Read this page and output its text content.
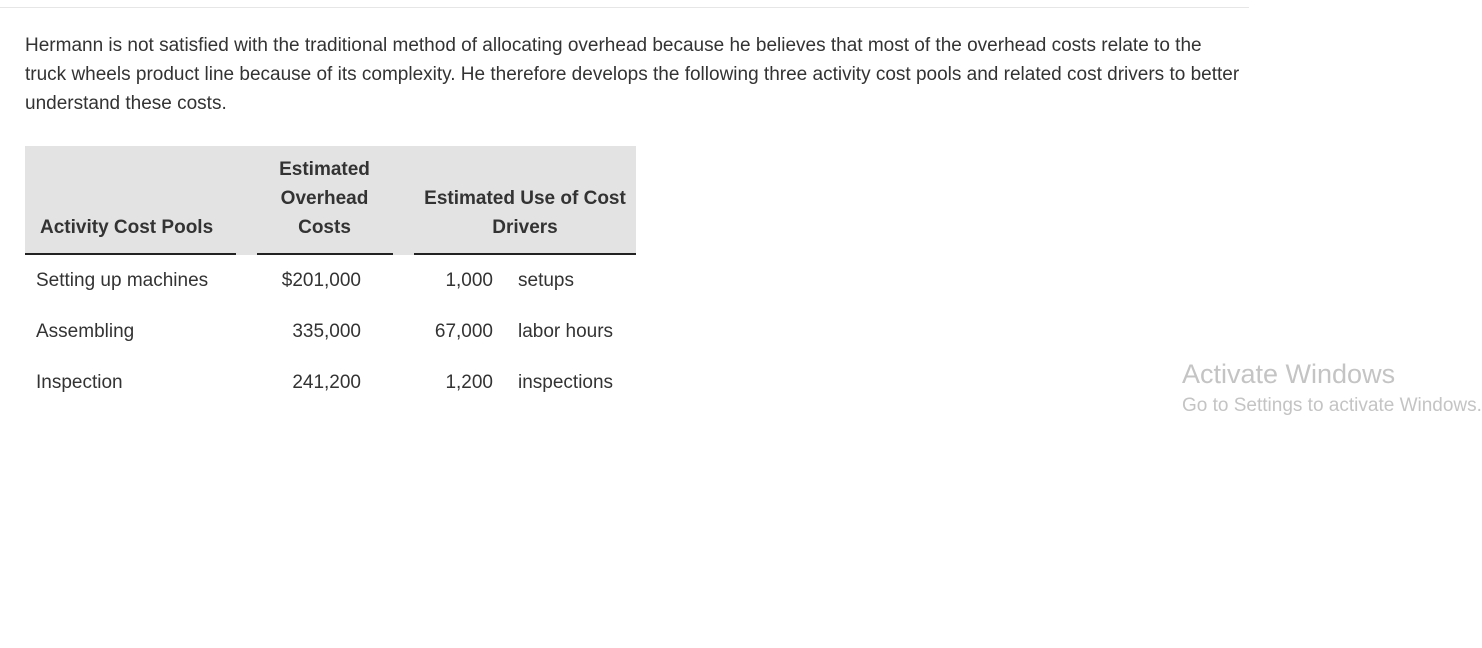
Hermann is not satisfied with the traditional method of allocating overhead because he believes that most of the overhead costs relate to the truck wheels product line because of its complexity. He therefore develops the following three activity cost pools and related cost drivers to better understand these costs.

Activity Cost Pools
Estimated Overhead Costs
Estimated Use of Cost Drivers
Setting up machines	$201,000	1,000 setups
Assembling	335,000	67,000 labor hours
Inspection	241,200	1,200 inspections	Activate Windows
Go to Settings to activate Windows.
